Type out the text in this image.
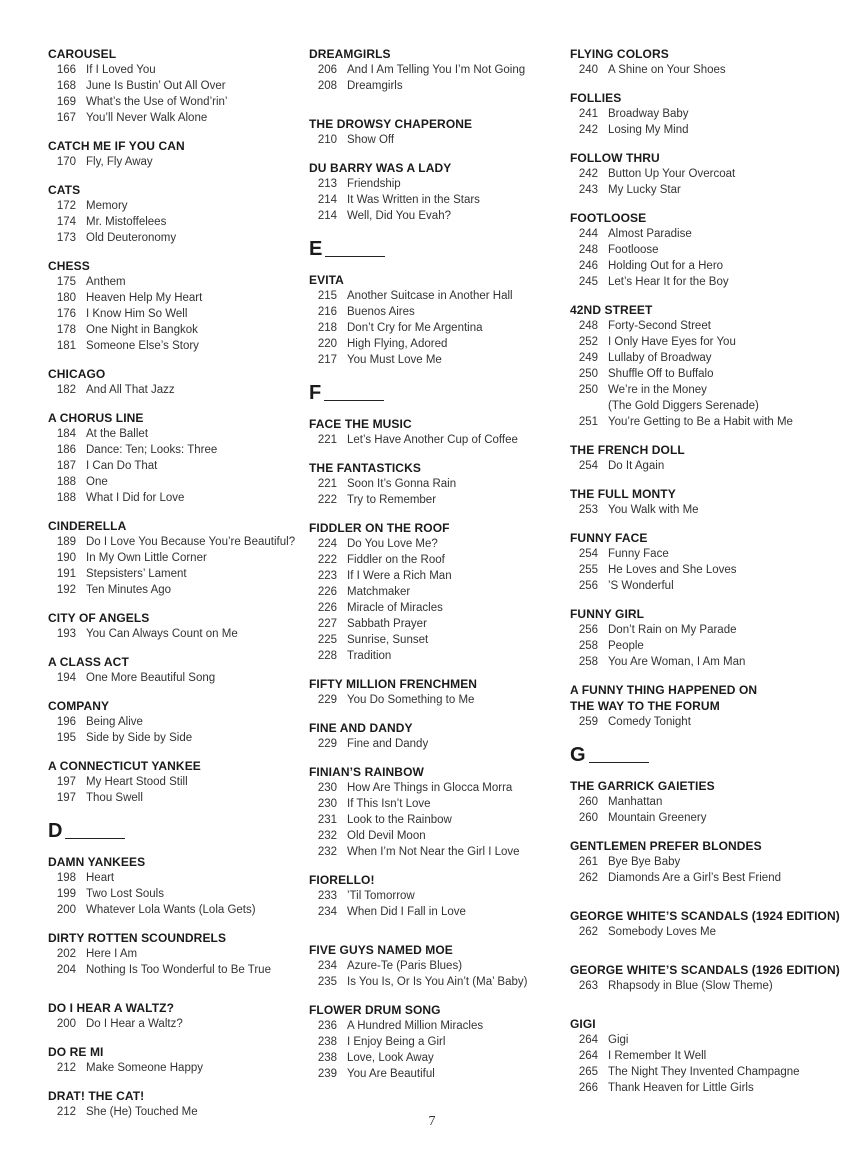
CAROUSEL
166 If I Loved You
168 June Is Bustin’ Out All Over
169 What’s the Use of Wond’rin’
167 You’ll Never Walk Alone
CATCH ME IF YOU CAN
170 Fly, Fly Away
CATS
172 Memory
174 Mr. Mistoffelees
173 Old Deuteronomy
CHESS
175 Anthem
180 Heaven Help My Heart
176 I Know Him So Well
178 One Night in Bangkok
181 Someone Else’s Story
CHICAGO
182 And All That Jazz
A CHORUS LINE
184 At the Ballet
186 Dance: Ten; Looks: Three
187 I Can Do That
188 One
188 What I Did for Love
CINDERELLA
189 Do I Love You Because You’re Beautiful?
190 In My Own Little Corner
191 Stepsisters’ Lament
192 Ten Minutes Ago
CITY OF ANGELS
193 You Can Always Count on Me
A CLASS ACT
194 One More Beautiful Song
COMPANY
196 Being Alive
195 Side by Side by Side
A CONNECTICUT YANKEE
197 My Heart Stood Still
197 Thou Swell
D
DAMN YANKEES
198 Heart
199 Two Lost Souls
200 Whatever Lola Wants (Lola Gets)
DIRTY ROTTEN SCOUNDRELS
202 Here I Am
204 Nothing Is Too Wonderful to Be True
DO I HEAR A WALTZ?
200 Do I Hear a Waltz?
DO RE MI
212 Make Someone Happy
DRAT! THE CAT!
212 She (He) Touched Me
DREAMGIRLS
206 And I Am Telling You I’m Not Going
208 Dreamgirls
THE DROWSY CHAPERONE
210 Show Off
DU BARRY WAS A LADY
213 Friendship
214 It Was Written in the Stars
214 Well, Did You Evah?
E
EVITA
215 Another Suitcase in Another Hall
216 Buenos Aires
218 Don’t Cry for Me Argentina
220 High Flying, Adored
217 You Must Love Me
F
FACE THE MUSIC
221 Let’s Have Another Cup of Coffee
THE FANTASTICKS
221 Soon It’s Gonna Rain
222 Try to Remember
FIDDLER ON THE ROOF
224 Do You Love Me?
222 Fiddler on the Roof
223 If I Were a Rich Man
226 Matchmaker
226 Miracle of Miracles
227 Sabbath Prayer
225 Sunrise, Sunset
228 Tradition
FIFTY MILLION FRENCHMEN
229 You Do Something to Me
FINE AND DANDY
229 Fine and Dandy
FINIAN’S RAINBOW
230 How Are Things in Glocca Morra
230 If This Isn’t Love
231 Look to the Rainbow
232 Old Devil Moon
232 When I’m Not Near the Girl I Love
FIORELLO!
233 ’Til Tomorrow
234 When Did I Fall in Love
FIVE GUYS NAMED MOE
234 Azure-Te (Paris Blues)
235 Is You Is, Or Is You Ain’t (Ma’ Baby)
FLOWER DRUM SONG
236 A Hundred Million Miracles
238 I Enjoy Being a Girl
238 Love, Look Away
239 You Are Beautiful
FLYING COLORS
240 A Shine on Your Shoes
FOLLIES
241 Broadway Baby
242 Losing My Mind
FOLLOW THRU
242 Button Up Your Overcoat
243 My Lucky Star
FOOTLOOSE
244 Almost Paradise
248 Footloose
246 Holding Out for a Hero
245 Let’s Hear It for the Boy
42ND STREET
248 Forty-Second Street
252 I Only Have Eyes for You
249 Lullaby of Broadway
250 Shuffle Off to Buffalo
250 We’re in the Money
(The Gold Diggers Serenade)
251 You’re Getting to Be a Habit with Me
THE FRENCH DOLL
254 Do It Again
THE FULL MONTY
253 You Walk with Me
FUNNY FACE
254 Funny Face
255 He Loves and She Loves
256 ’S Wonderful
FUNNY GIRL
256 Don’t Rain on My Parade
258 People
258 You Are Woman, I Am Man
A FUNNY THING HAPPENED ON
THE WAY TO THE FORUM
259 Comedy Tonight
G
THE GARRICK GAIETIES
260 Manhattan
260 Mountain Greenery
GENTLEMEN PREFER BLONDES
261 Bye Bye Baby
262 Diamonds Are a Girl’s Best Friend
GEORGE WHITE’S SCANDALS (1924 EDITION)
262 Somebody Loves Me
GEORGE WHITE’S SCANDALS (1926 EDITION)
263 Rhapsody in Blue (Slow Theme)
GIGI
264 Gigi
264 I Remember It Well
265 The Night They Invented Champagne
266 Thank Heaven for Little Girls
7
